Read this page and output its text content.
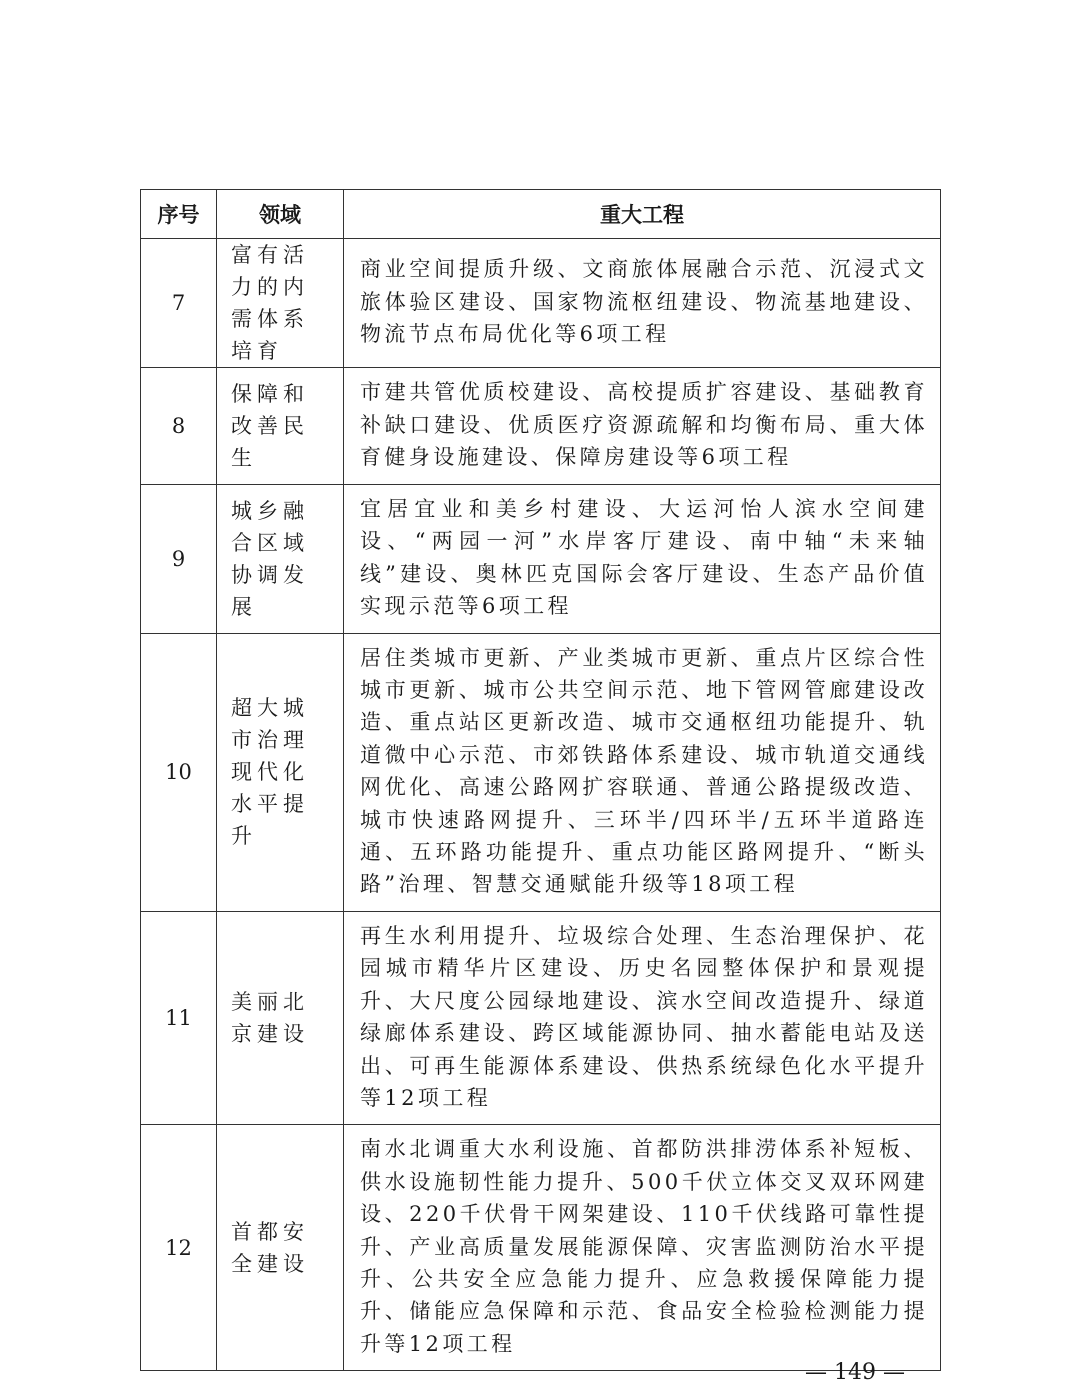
序号	领域	重大工程
7	富有活力的内需体系培育	商业空间提质升级、文商旅体展融合示范、沉浸式文旅体验区建设、国家物流枢纽建设、物流基地建设、物流节点布局优化等6项工程
8	保障和改善民生	市建共管优质校建设、高校提质扩容建设、基础教育补缺口建设、优质医疗资源疏解和均衡布局、重大体育健身设施建设、保障房建设等6项工程
9	城乡融合区域协调发展	宜居宜业和美乡村建设、大运河怡人滨水空间建设、“两园一河”水岸客厅建设、南中轴“未来轴线”建设、奥林匹克国际会客厅建设、生态产品价值实现示范等6项工程
10	超大城市治理现代化水平提升	居住类城市更新、产业类城市更新、重点片区综合性城市更新、城市公共空间示范、地下管网管廊建设改造、重点站区更新改造、城市交通枢纽功能提升、轨道微中心示范、市郊铁路体系建设、城市轨道交通线网优化、高速公路网扩容联通、普通公路提级改造、城市快速路网提升、三环半/四环半/五环半道路连通、五环路功能提升、重点功能区路网提升、“断头路”治理、智慧交通赋能升级等18项工程
11	美丽北京建设	再生水利用提升、垃圾综合处理、生态治理保护、花园城市精华片区建设、历史名园整体保护和景观提升、大尺度公园绿地建设、滨水空间改造提升、绿道绿廊体系建设、跨区域能源协同、抽水蓄能电站及送出、可再生能源体系建设、供热系统绿色化水平提升等12项工程
12	首都安全建设	南水北调重大水利设施、首都防洪排涝体系补短板、供水设施韧性能力提升、500千伏立体交叉双环网建设、220千伏骨干网架建设、110千伏线路可靠性提升、产业高质量发展能源保障、灾害监测防治水平提升、公共安全应急能力提升、应急救援保障能力提升、储能应急保障和示范、食品安全检验检测能力提升等12项工程
— 149 —
